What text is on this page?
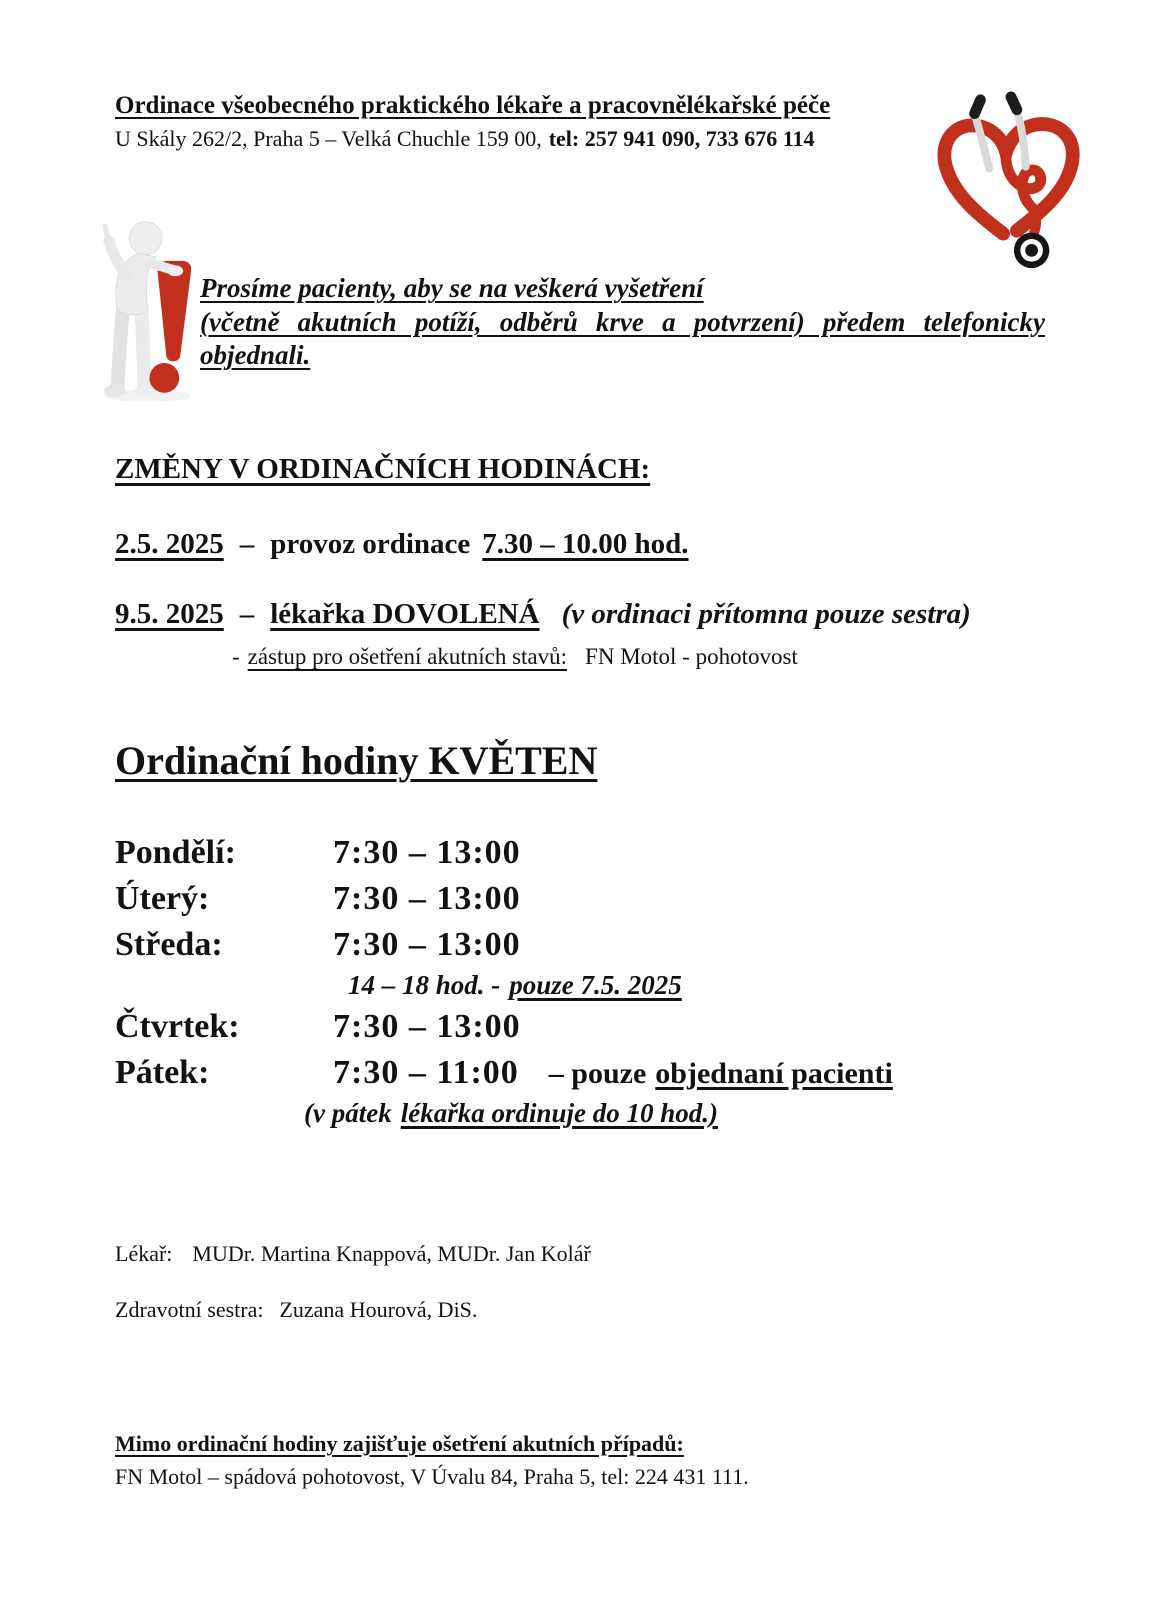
Ordinace všeobecného praktického lékaře a pracovnělékařské péče
U Skály 262/2, Praha 5 – Velká Chuchle 159 00, tel: 257 941 090, 733 676 114
Prosíme pacienty, aby se na veškerá vyšetření
(včetně akutních potíží, odběrů krve a potvrzení) předem telefonicky
objednali.
ZMĚNY V ORDINAČNÍCH HODINÁCH:
2.5. 2025 – provoz ordinace 7.30 – 10.00 hod.
9.5. 2025 – lékařka DOVOLENÁ (v ordinaci přítomna pouze sestra)
- zástup pro ošetření akutních stavů: FN Motol - pohotovost
Ordinační hodiny KVĚTEN
Pondělí:	7:30 – 13:00
Úterý:	7:30 – 13:00
Středa:	7:30 – 13:00
14 – 18 hod. - pouze 7.5. 2025
Čtvrtek:	7:30 – 13:00
Pátek:	7:30 – 11:00 – pouze objednaní pacienti
(v pátek lékařka ordinuje do 10 hod.)
Lékař: MUDr. Martina Knappová, MUDr. Jan Kolář
Zdravotní sestra: Zuzana Hourová, DiS.
Mimo ordinační hodiny zajišťuje ošetření akutních případů:
FN Motol – spádová pohotovost, V Úvalu 84, Praha 5, tel: 224 431 111.
